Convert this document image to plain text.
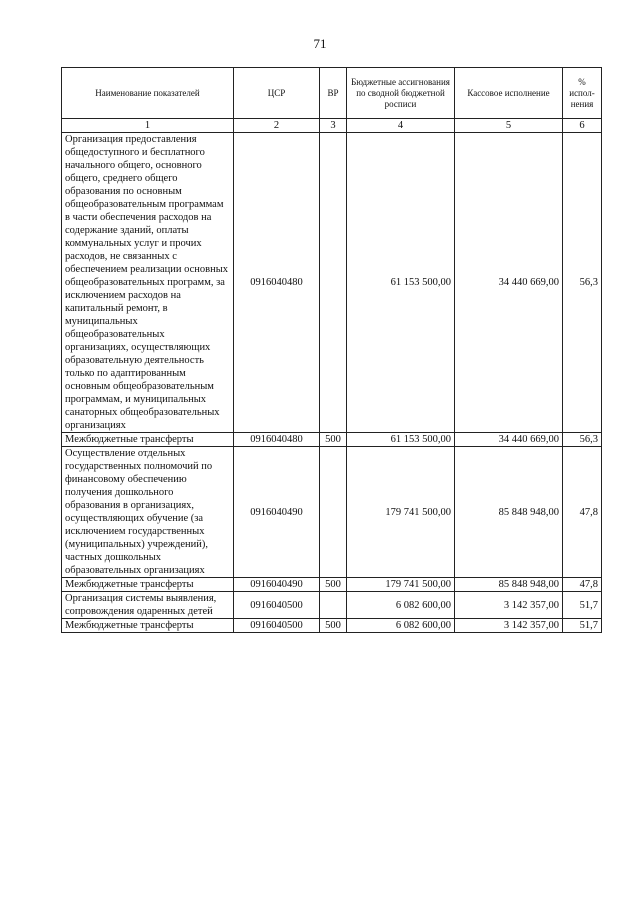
71
Наименование показателей	ЦСР	ВР	Бюджетные ассигнования по сводной бюджетной росписи	Кассовое исполнение	% испол-нения
1	2	3	4	5	6
Организация предоставления общедоступного и бесплатного начального общего, основного общего, среднего общего образования по основным общеобразовательным программам в части обеспечения расходов на содержание зданий, оплаты коммунальных услуг и прочих расходов, не связанных с обеспечением реализации основных общеобразовательных программ, за исключением расходов на капитальный ремонт, в муниципальных общеобразовательных организациях, осуществляющих образовательную деятельность только по адаптированным основным общеобразовательным программам, и муниципальных санаторных общеобразовательных организациях	0916040480		61 153 500,00	34 440 669,00	56,3
Межбюджетные трансферты	0916040480	500	61 153 500,00	34 440 669,00	56,3
Осуществление отдельных государственных полномочий по финансовому обеспечению получения дошкольного образования в организациях, осуществляющих обучение (за исключением государственных (муниципальных) учреждений), частных дошкольных образовательных организациях	0916040490		179 741 500,00	85 848 948,00	47,8
Межбюджетные трансферты	0916040490	500	179 741 500,00	85 848 948,00	47,8
Организация системы выявления, сопровождения одаренных детей	0916040500		6 082 600,00	3 142 357,00	51,7
Межбюджетные трансферты	0916040500	500	6 082 600,00	3 142 357,00	51,7
